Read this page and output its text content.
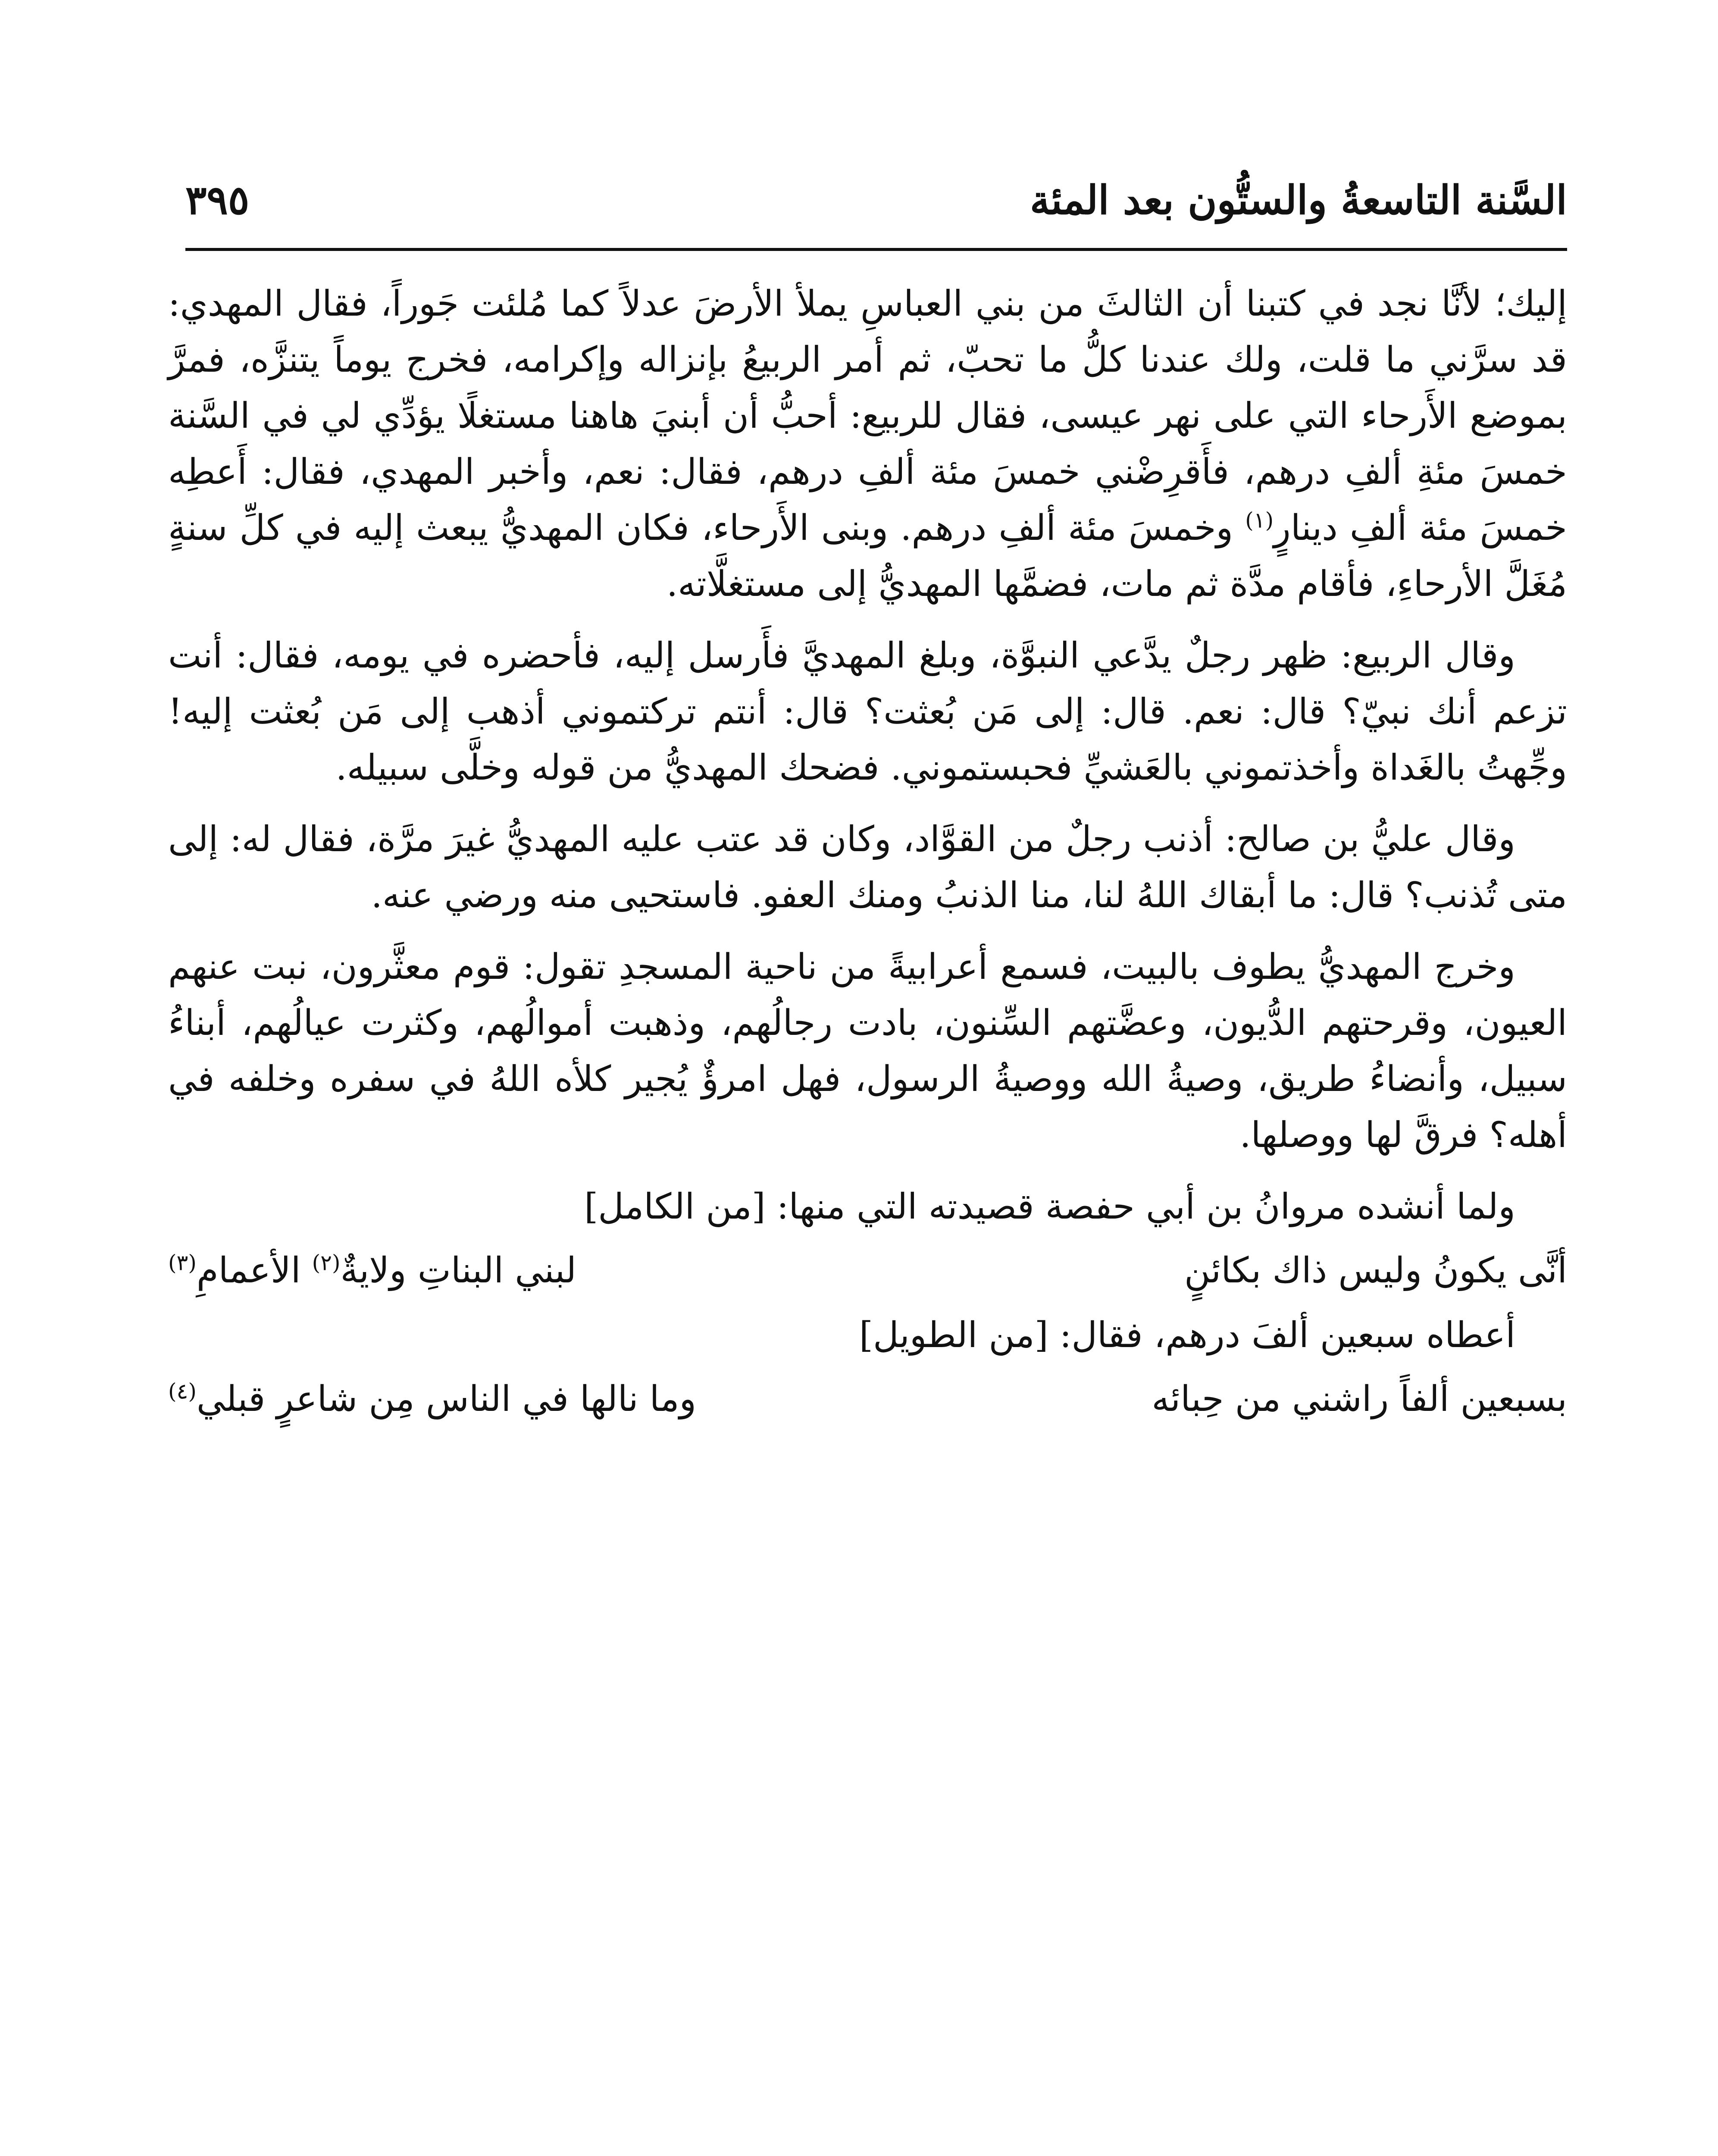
السَّنة التاسعةُ والستُّون بعد المئة
٣٩٥

إليك؛ لأنَّا نجد في كتبنا أن الثالثَ من بني العباسِ يملأ الأرضَ عدلاً كما مُلئت جَوراً، فقال المهدي: قد سرَّني ما قلت، ولك عندنا كلُّ ما تحبّ، ثم أمر الربيعُ بإنزاله وإكرامه، فخرج يوماً يتنزَّه، فمرَّ بموضع الأَرحاء التي على نهر عيسى، فقال للربيع: أحبُّ أن أبنيَ هاهنا مستغلًا يؤدِّي لي في السَّنة خمسَ مئةِ ألفِ درهم، فأَقرِضْني خمسَ مئة ألفِ درهم، فقال: نعم، وأخبر المهدي، فقال: أَعطِه خمسَ مئة ألفِ دينارٍ$^{(١)}$ وخمسَ مئة ألفِ درهم. وبنى الأَرحاء، فكان المهديُّ يبعث إليه في كلِّ سنةٍ مُغَلَّ الأرحاءِ، فأقام مدَّة ثم مات، فضمَّها المهديُّ إلى مستغلَّاته.

وقال الربيع: ظهر رجلٌ يدَّعي النبوَّة، وبلغ المهديَّ فأَرسل إليه، فأحضره في يومه، فقال: أنت تزعم أنك نبيّ؟ قال: نعم. قال: إلى مَن بُعثت؟ قال: أنتم تركتموني أذهب إلى مَن بُعثت إليه! وجِّهتُ بالغَداة وأخذتموني بالعَشيِّ فحبستموني. فضحك المهديُّ من قوله وخلَّى سبيله.

وقال عليُّ بن صالح: أذنب رجلٌ من القوَّاد، وكان قد عتب عليه المهديُّ غيرَ مرَّة، فقال له: إلى متى تُذنب؟ قال: ما أبقاك اللهُ لنا، منا الذنبُ ومنك العفو. فاستحيى منه ورضي عنه.

وخرج المهديُّ يطوف بالبيت، فسمع أعرابيةً من ناحية المسجدِ تقول: قوم معثَّرون، نبت عنهم العيون، وقرحتهم الدُّيون، وعضَّتهم السِّنون، بادت رجالُهم، وذهبت أموالُهم، وكثرت عيالُهم، أبناءُ سبيل، وأنضاءُ طريق، وصيةُ الله ووصيةُ الرسول، فهل امرؤٌ يُجير كلأه اللهُ في سفره وخلفه في أهله؟ فرقَّ لها ووصلها.

ولما أنشده مروانُ بن أبي حفصة قصيدته التي منها: [من الكامل]

أنَّى يكونُ وليس ذاك بكائنٍ
لبني البناتِ ولايةٌ$^{(٢)}$ الأعمامِ$^{(٣)}$

أعطاه سبعين ألفَ درهم، فقال: [من الطويل]

بسبعين ألفاً راشني من حِبائه
وما نالها في الناس مِن شاعرٍ قبلي$^{(٤)}$
